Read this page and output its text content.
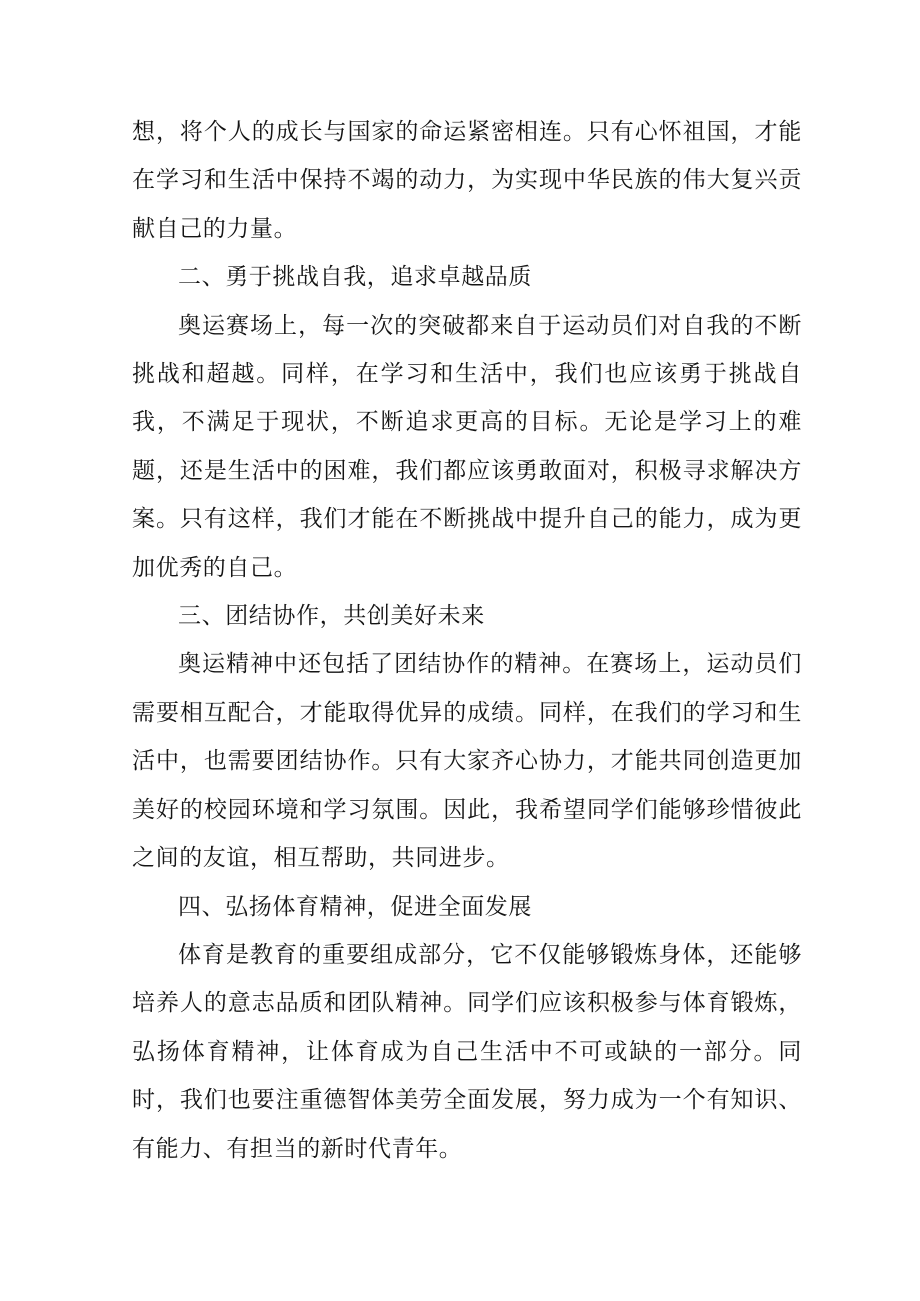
想，将个人的成长与国家的命运紧密相连。只有心怀祖国，才能在学习和生活中保持不竭的动力，为实现中华民族的伟大复兴贡献自己的力量。

二、勇于挑战自我，追求卓越品质

奥运赛场上，每一次的突破都来自于运动员们对自我的不断挑战和超越。同样，在学习和生活中，我们也应该勇于挑战自我，不满足于现状，不断追求更高的目标。无论是学习上的难题，还是生活中的困难，我们都应该勇敢面对，积极寻求解决方案。只有这样，我们才能在不断挑战中提升自己的能力，成为更加优秀的自己。

三、团结协作，共创美好未来

奥运精神中还包括了团结协作的精神。在赛场上，运动员们需要相互配合，才能取得优异的成绩。同样，在我们的学习和生活中，也需要团结协作。只有大家齐心协力，才能共同创造更加美好的校园环境和学习氛围。因此，我希望同学们能够珍惜彼此之间的友谊，相互帮助，共同进步。

四、弘扬体育精神，促进全面发展

体育是教育的重要组成部分，它不仅能够锻炼身体，还能够培养人的意志品质和团队精神。同学们应该积极参与体育锻炼，弘扬体育精神，让体育成为自己生活中不可或缺的一部分。同时，我们也要注重德智体美劳全面发展，努力成为一个有知识、有能力、有担当的新时代青年。
